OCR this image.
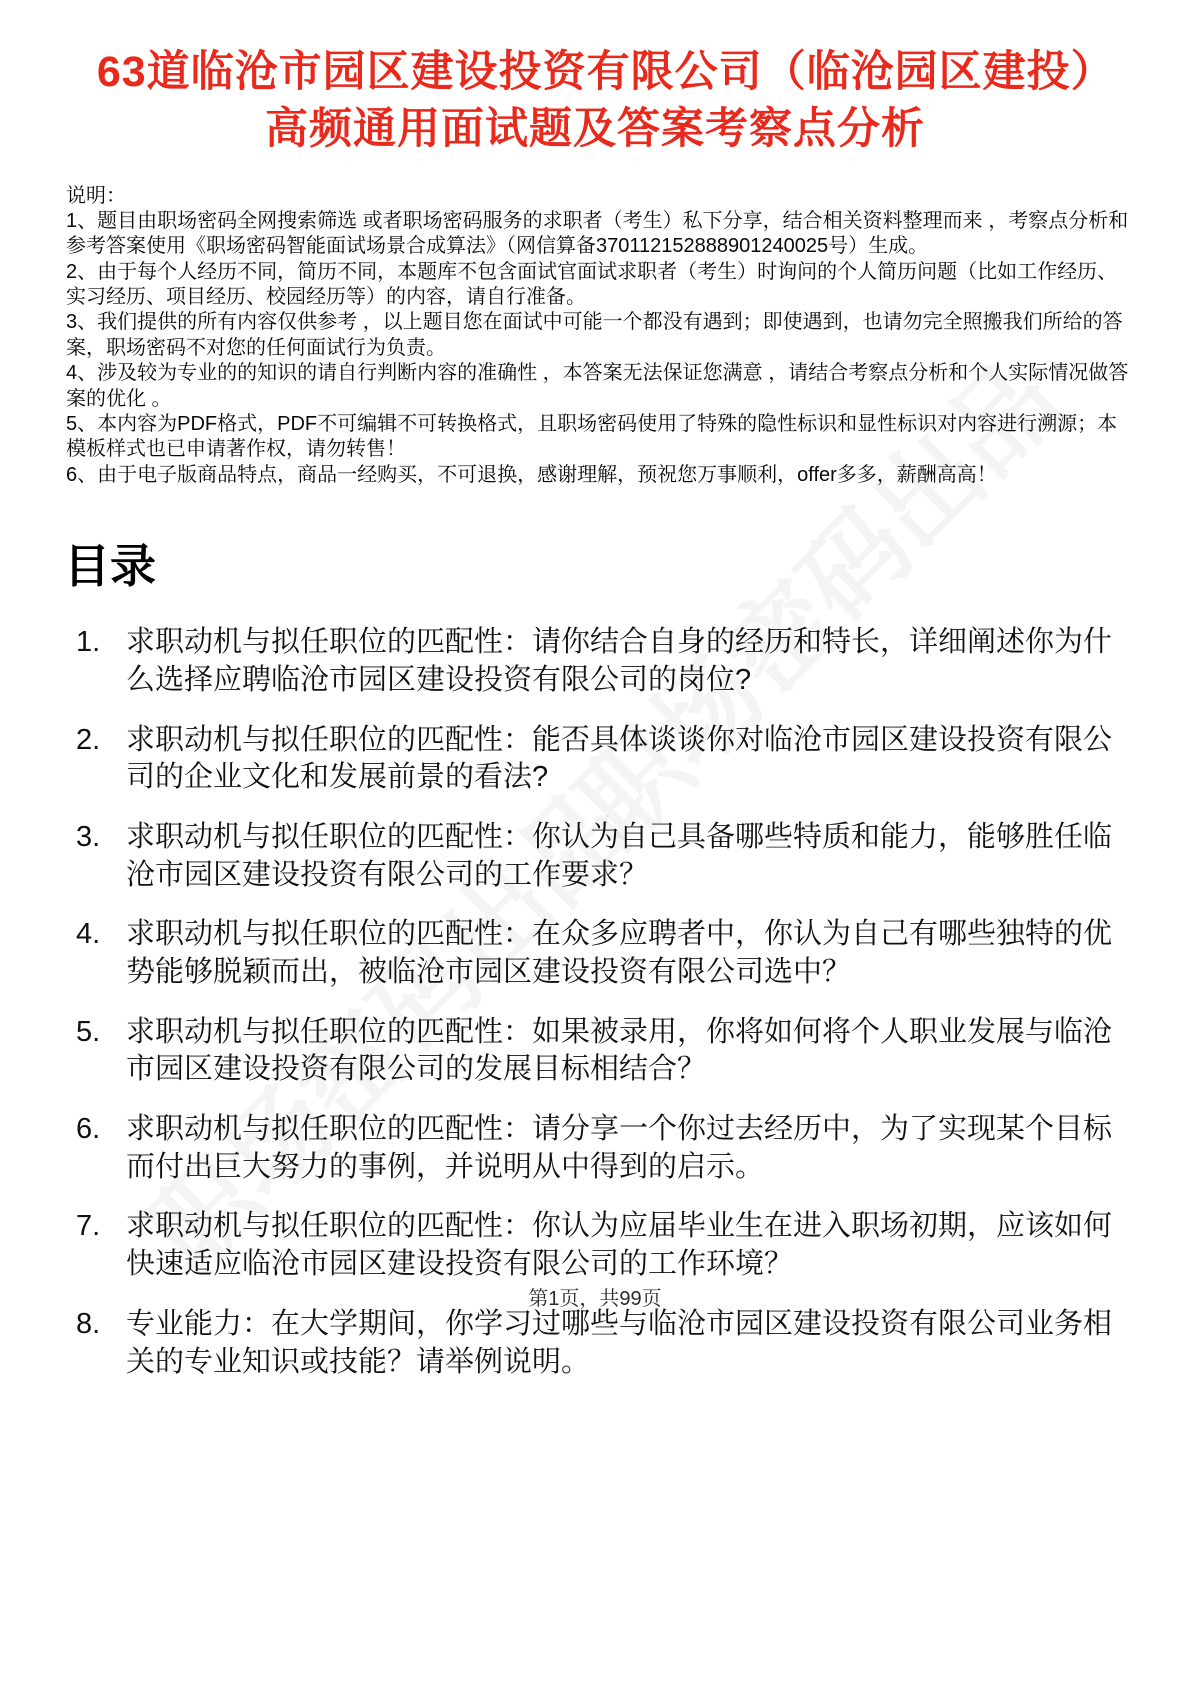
63道临沧市园区建设投资有限公司（临沧园区建投）高频通用面试题及答案考察点分析
说明：

1、题目由职场密码全网搜索筛选 或者职场密码服务的求职者（考生）私下分享，结合相关资料整理而来 ，考察点分析和参考答案使用《职场密码智能面试场景合成算法》（网信算备370112152888901240025号）生成。

2、由于每个人经历不同，简历不同，本题库不包含面试官面试求职者（考生）时询问的个人简历问题（比如工作经历、实习经历、项目经历、校园经历等）的内容，请自行准备。

3、我们提供的所有内容仅供参考 ，以上题目您在面试中可能一个都没有遇到；即使遇到，也请勿完全照搬我们所给的答案，职场密码不对您的任何面试行为负责。

4、涉及较为专业的的知识的请自行判断内容的准确性 ，本答案无法保证您满意 ，请结合考察点分析和个人实际情况做答案的优化 。

5、本内容为PDF格式，PDF不可编辑不可转换格式，且职场密码使用了特殊的隐性标识和显性标识对内容进行溯源；本模板样式也已申请著作权，请勿转售！

6、由于电子版商品特点，商品一经购买，不可退换，感谢理解，预祝您万事顺利，offer多多，薪酬高高！

目录
1. 求职动机与拟任职位的匹配性：请你结合自身的经历和特长，详细阐述你为什么选择应聘临沧市园区建设投资有限公司的岗位?
2. 求职动机与拟任职位的匹配性：能否具体谈谈你对临沧市园区建设投资有限公司的企业文化和发展前景的看法?
3. 求职动机与拟任职位的匹配性：你认为自己具备哪些特质和能力，能够胜任临沧市园区建设投资有限公司的工作要求？
4. 求职动机与拟任职位的匹配性：在众多应聘者中，你认为自己有哪些独特的优势能够脱颖而出，被临沧市园区建设投资有限公司选中？
5. 求职动机与拟任职位的匹配性：如果被录用，你将如何将个人职业发展与临沧市园区建设投资有限公司的发展目标相结合？
6. 求职动机与拟任职位的匹配性：请分享一个你过去经历中，为了实现某个目标而付出巨大努力的事例，并说明从中得到的启示。
7. 求职动机与拟任职位的匹配性：你认为应届毕业生在进入职场初期，应该如何快速适应临沧市园区建设投资有限公司的工作环境？
8. 专业能力：在大学期间，你学习过哪些与临沧市园区建设投资有限公司业务相关的专业知识或技能？请举例说明。
第1页，共99页
